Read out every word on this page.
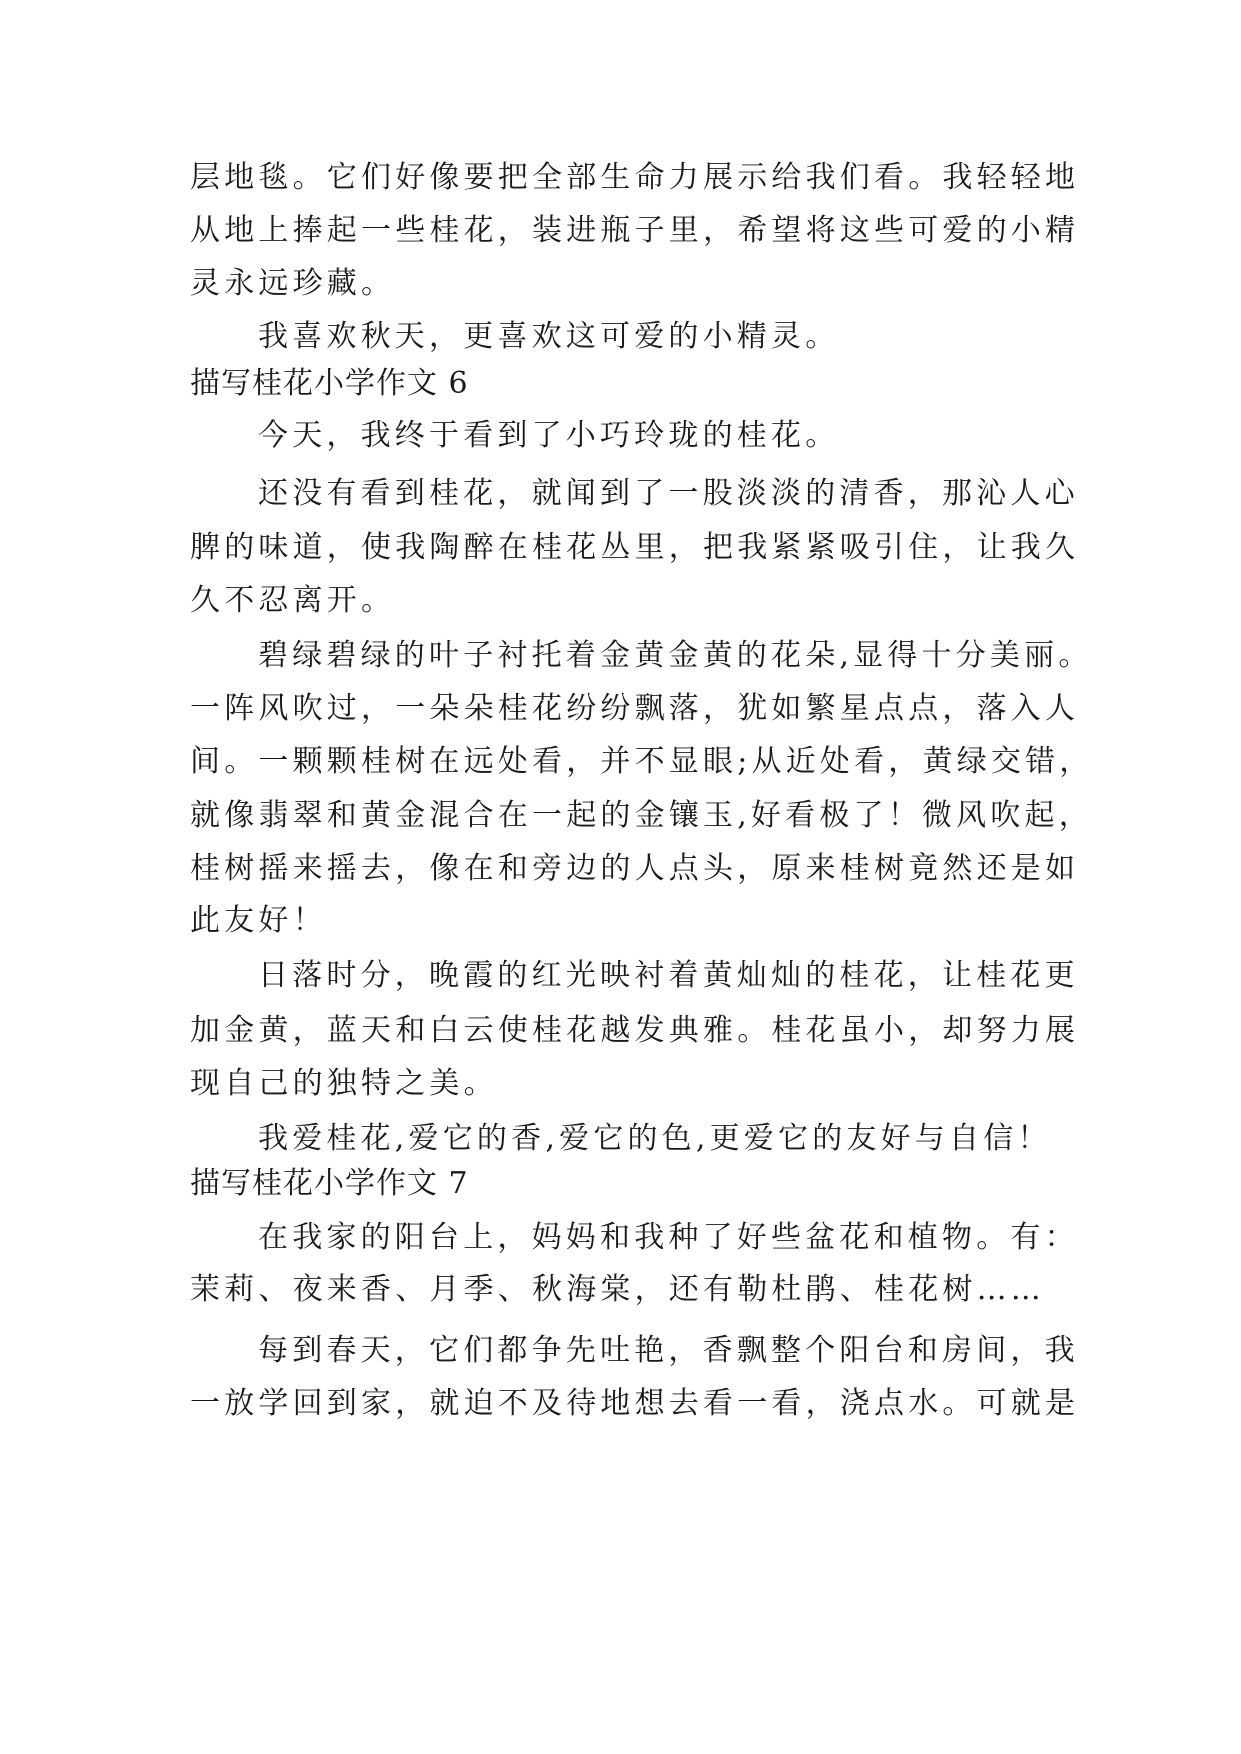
层地毯。它们好像要把全部生命力展示给我们看。我轻轻地
从地上捧起一些桂花，装进瓶子里，希望将这些可爱的小精
灵永远珍藏。
我喜欢秋天，更喜欢这可爱的小精灵。
描写桂花小学作文 6
今天，我终于看到了小巧玲珑的桂花。
还没有看到桂花，就闻到了一股淡淡的清香，那沁人心
脾的味道，使我陶醉在桂花丛里，把我紧紧吸引住，让我久
久不忍离开。
碧绿碧绿的叶子衬托着金黄金黄的花朵,显得十分美丽。
一阵风吹过，一朵朵桂花纷纷飘落，犹如繁星点点，落入人
间。一颗颗桂树在远处看，并不显眼;从近处看，黄绿交错，
就像翡翠和黄金混合在一起的金镶玉,好看极了！微风吹起，
桂树摇来摇去，像在和旁边的人点头，原来桂树竟然还是如
此友好！
日落时分，晚霞的红光映衬着黄灿灿的桂花，让桂花更
加金黄，蓝天和白云使桂花越发典雅。桂花虽小，却努力展
现自己的独特之美。
我爱桂花,爱它的香,爱它的色,更爱它的友好与自信！
描写桂花小学作文 7
在我家的阳台上，妈妈和我种了好些盆花和植物。有：
茉莉、夜来香、月季、秋海棠，还有勒杜鹃、桂花树……
每到春天，它们都争先吐艳，香飘整个阳台和房间，我
一放学回到家，就迫不及待地想去看一看，浇点水。可就是
